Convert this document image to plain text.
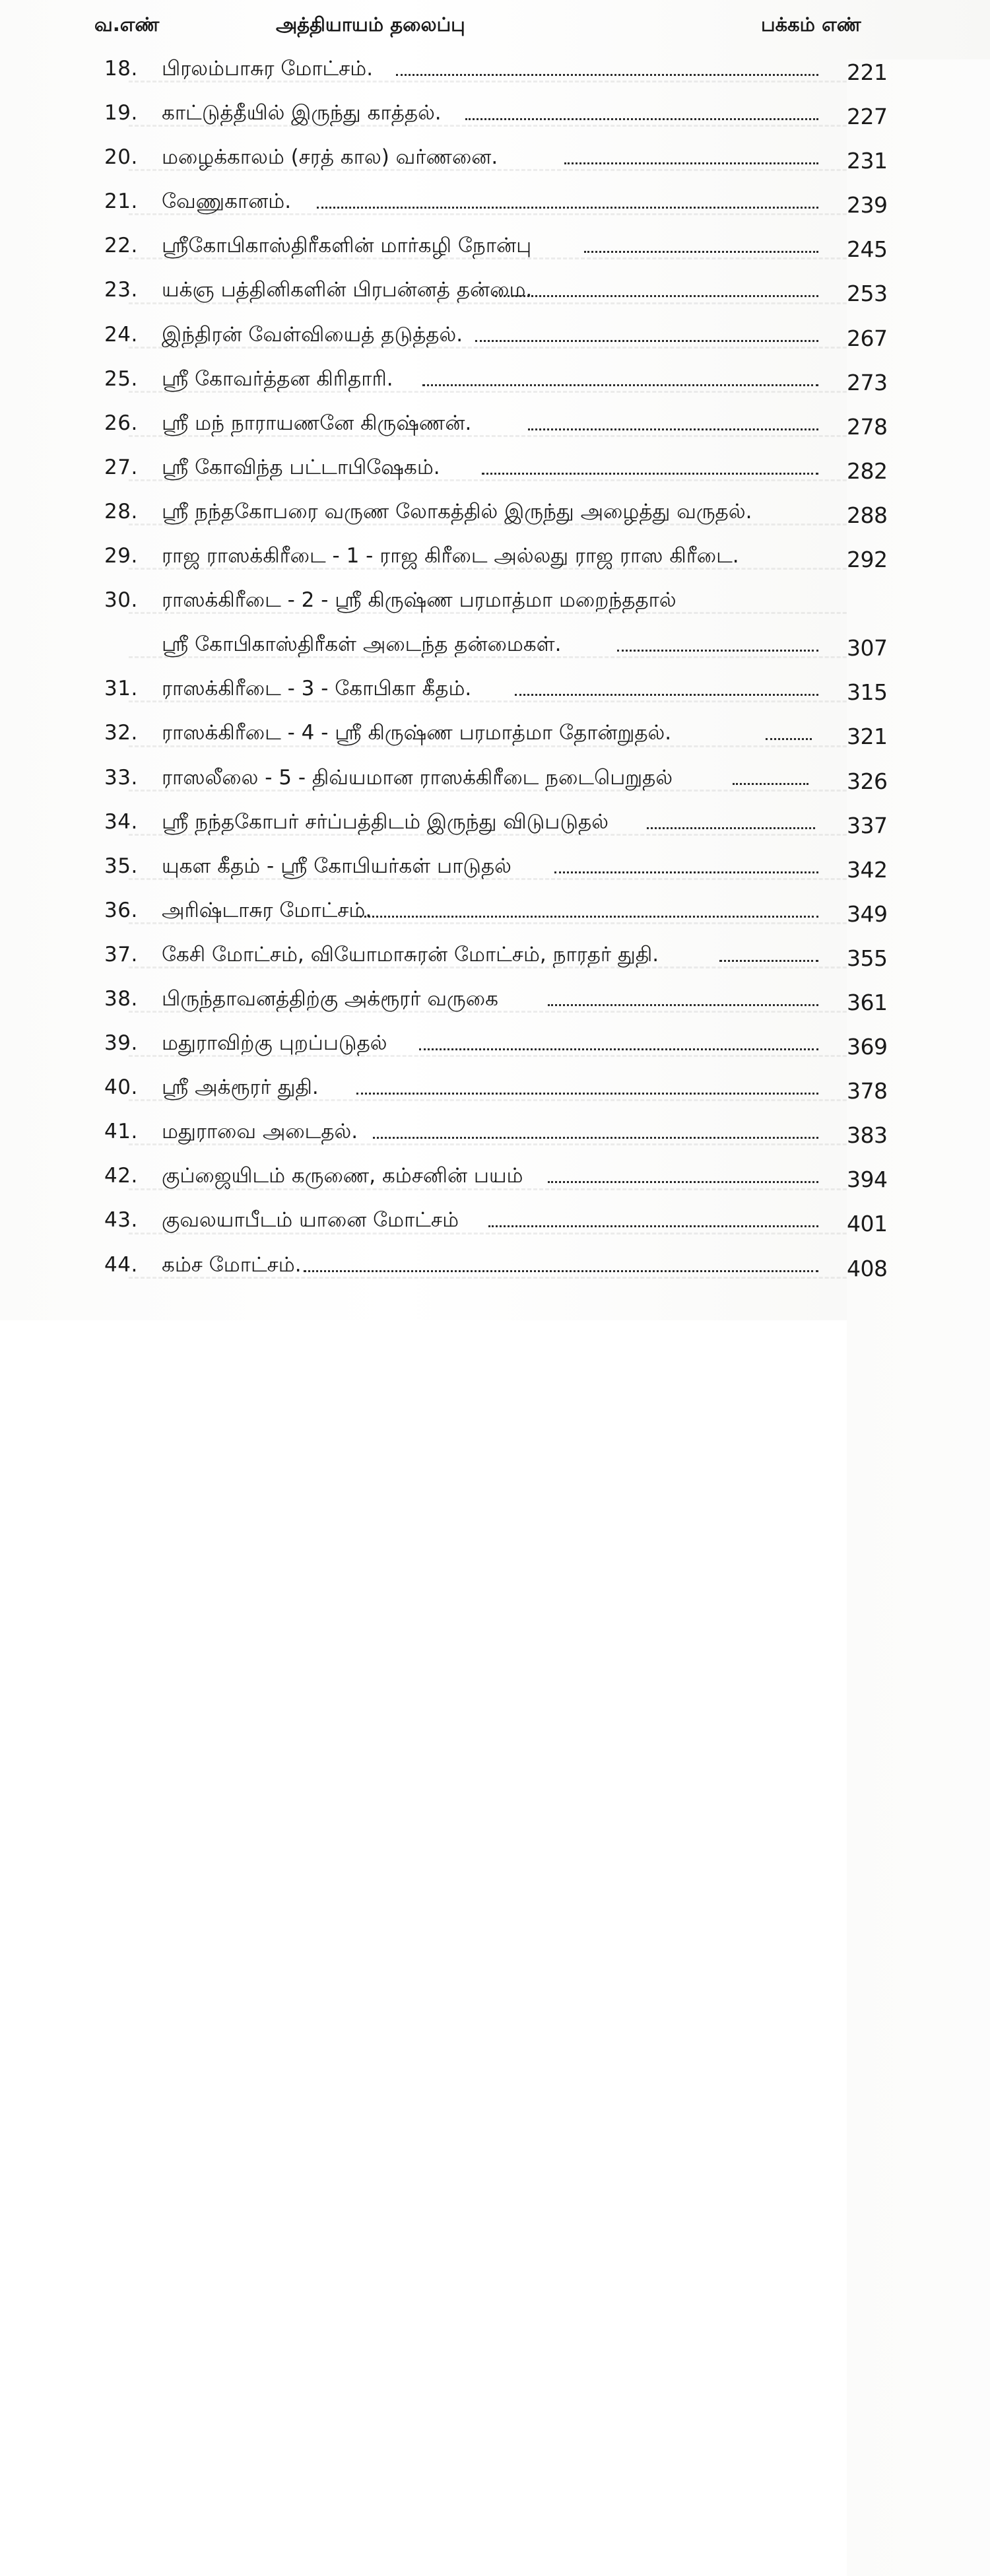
வ.எண்	அத்தியாயம் தலைப்பு	பக்கம் எண்
18. பிரலம்பாசுர மோட்சம்.	221
19. காட்டுத்தீயில் இருந்து காத்தல்.	227
20. மழைக்காலம் (சரத் கால) வர்ணனை.	231
21. வேணுகானம்.	239
22. ஸ்ரீகோபிகாஸ்திரீகளின் மார்கழி நோன்பு	245
23. யக்ஞ பத்தினிகளின் பிரபன்னத் தன்மை.	253
24. இந்திரன் வேள்வியைத் தடுத்தல்.	267
25. ஸ்ரீ கோவர்த்தன கிரிதாரி.	273
26. ஸ்ரீ மந் நாராயணனே கிருஷ்ணன்.	278
27. ஸ்ரீ கோவிந்த பட்டாபிஷேகம்.	282
28. ஸ்ரீ நந்தகோபரை வருண லோகத்தில் இருந்து அழைத்து வருதல்.	288
29. ராஜ ராஸக்கிரீடை - 1 - ராஜ கிரீடை அல்லது ராஜ ராஸ கிரீடை.	292
30. ராஸக்கிரீடை - 2 - ஸ்ரீ கிருஷ்ண பரமாத்மா மறைந்ததால்
ஸ்ரீ கோபிகாஸ்திரீகள் அடைந்த தன்மைகள்.	307
31. ராஸக்கிரீடை - 3 - கோபிகா கீதம்.	315
32. ராஸக்கிரீடை - 4 - ஸ்ரீ கிருஷ்ண பரமாத்மா தோன்றுதல்.	321
33. ராஸலீலை - 5 - திவ்யமான ராஸக்கிரீடை நடைபெறுதல்	326
34. ஸ்ரீ நந்தகோபர் சர்ப்பத்திடம் இருந்து விடுபடுதல்	337
35. யுகள கீதம் - ஸ்ரீ கோபியர்கள் பாடுதல்	342
36. அரிஷ்டாசுர மோட்சம்.	349
37. கேசி மோட்சம், வியோமாசுரன் மோட்சம், நாரதர் துதி.	355
38. பிருந்தாவனத்திற்கு அக்ரூரர் வருகை	361
39. மதுராவிற்கு புறப்படுதல்	369
40. ஸ்ரீ அக்ரூரர் துதி.	378
41. மதுராவை அடைதல்.	383
42. குப்ஜையிடம் கருணை, கம்சனின் பயம்	394
43. குவலயாபீடம் யானை மோட்சம்	401
44. கம்ச மோட்சம்.	408
